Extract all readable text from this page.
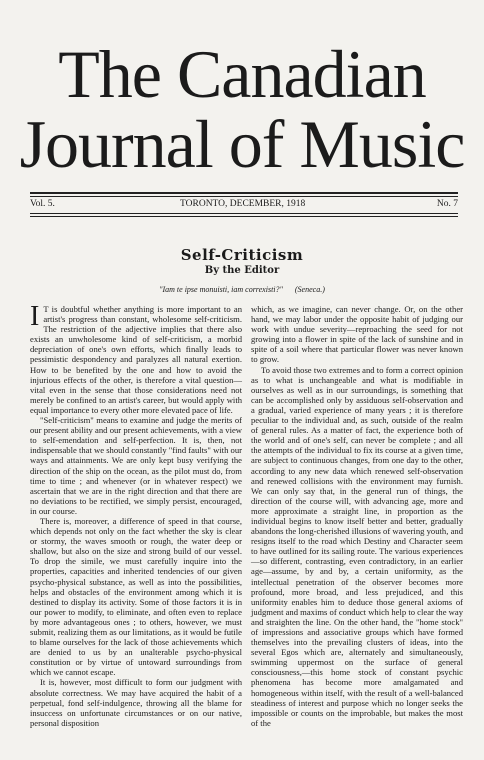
The Canadian
Journal of Music
Vol. 5.	TORONTO, DECEMBER, 1918	No. 7
Self-Criticism
By the Editor
"Iam te ipse monuisti, iam correxisti?" (Seneca.)

I T is doubtful whether anything is more important to an artist's progress than constant, wholesome self-criticism. The restriction of the adjective implies that there also exists an unwholesome kind of self-criticism, a morbid depreciation of one's own efforts, which finally leads to pessimistic despondency and paralyzes all natural exertion. How to be benefited by the one and how to avoid the injurious effects of the other, is therefore a vital question—vital even in the sense that those considerations need not merely be confined to an artist's career, but would apply with equal importance to every other more elevated pace of life.

"Self-criticism" means to examine and judge the merits of our present ability and our present achievements, with a view to self-emendation and self-perfection. It is, then, not indispensable that we should constantly "find faults" with our ways and attainments. We are only kept busy verifying the direction of the ship on the ocean, as the pilot must do, from time to time ; and whenever (or in whatever respect) we ascertain that we are in the right direction and that there are no deviations to be rectified, we simply persist, encouraged, in our course.

There is, moreover, a difference of speed in that course, which depends not only on the fact whether the sky is clear or stormy, the waves smooth or rough, the water deep or shallow, but also on the size and strong build of our vessel. To drop the simile, we must carefully inquire into the properties, capacities and inherited tendencies of our given psycho-physical substance, as well as into the possibilities, helps and obstacles of the environment among which it is destined to display its activity. Some of those factors it is in our power to modify, to eliminate, and often even to replace by more advantageous ones ; to others, however, we must submit, realizing them as our limitations, as it would be futile to blame ourselves for the lack of those achievements which are denied to us by an unalterable psycho-physical constitution or by virtue of untoward surroundings from which we cannot escape.

It is, however, most difficult to form our judgment with absolute correctness. We may have acquired the habit of a perpetual, fond self-indulgence, throwing all the blame for insuccess on unfortunate circumstances or on our native, personal disposition

which, as we imagine, can never change. Or, on the other hand, we may labor under the opposite habit of judging our work with undue severity—reproaching the seed for not growing into a flower in spite of the lack of sunshine and in spite of a soil where that particular flower was never known to grow.

To avoid those two extremes and to form a correct opinion as to what is unchangeable and what is modifiable in ourselves as well as in our surroundings, is something that can be accomplished only by assiduous self-observation and a gradual, varied experience of many years ; it is therefore peculiar to the individual and, as such, outside of the realm of general rules. As a matter of fact, the experience both of the world and of one's self, can never be complete ; and all the attempts of the individual to fix its course at a given time, are subject to continuous changes, from one day to the other, according to any new data which renewed self-observation and renewed collisions with the environment may furnish. We can only say that, in the general run of things, the direction of the course will, with advancing age, more and more approximate a straight line, in proportion as the individual begins to know itself better and better, gradually abandons the long-cherished illusions of wavering youth, and resigns itself to the road which Destiny and Character seem to have outlined for its sailing route. The various experiences—so different, contrasting, even contradictory, in an earlier age—assume, by and by, a certain uniformity, as the intellectual penetration of the observer becomes more profound, more broad, and less prejudiced, and this uniformity enables him to deduce those general axioms of judgment and maxims of conduct which help to clear the way and straighten the line. On the other hand, the "home stock" of impressions and associative groups which have formed themselves into the prevailing clusters of ideas, into the several Egos which are, alternately and simultaneously, swimming uppermost on the surface of general consciousness,—this home stock of constant psychic phenomena has become more amalgamated and homogeneous within itself, with the result of a well-balanced steadiness of interest and purpose which no longer seeks the impossible or counts on the improbable, but makes the most of the
